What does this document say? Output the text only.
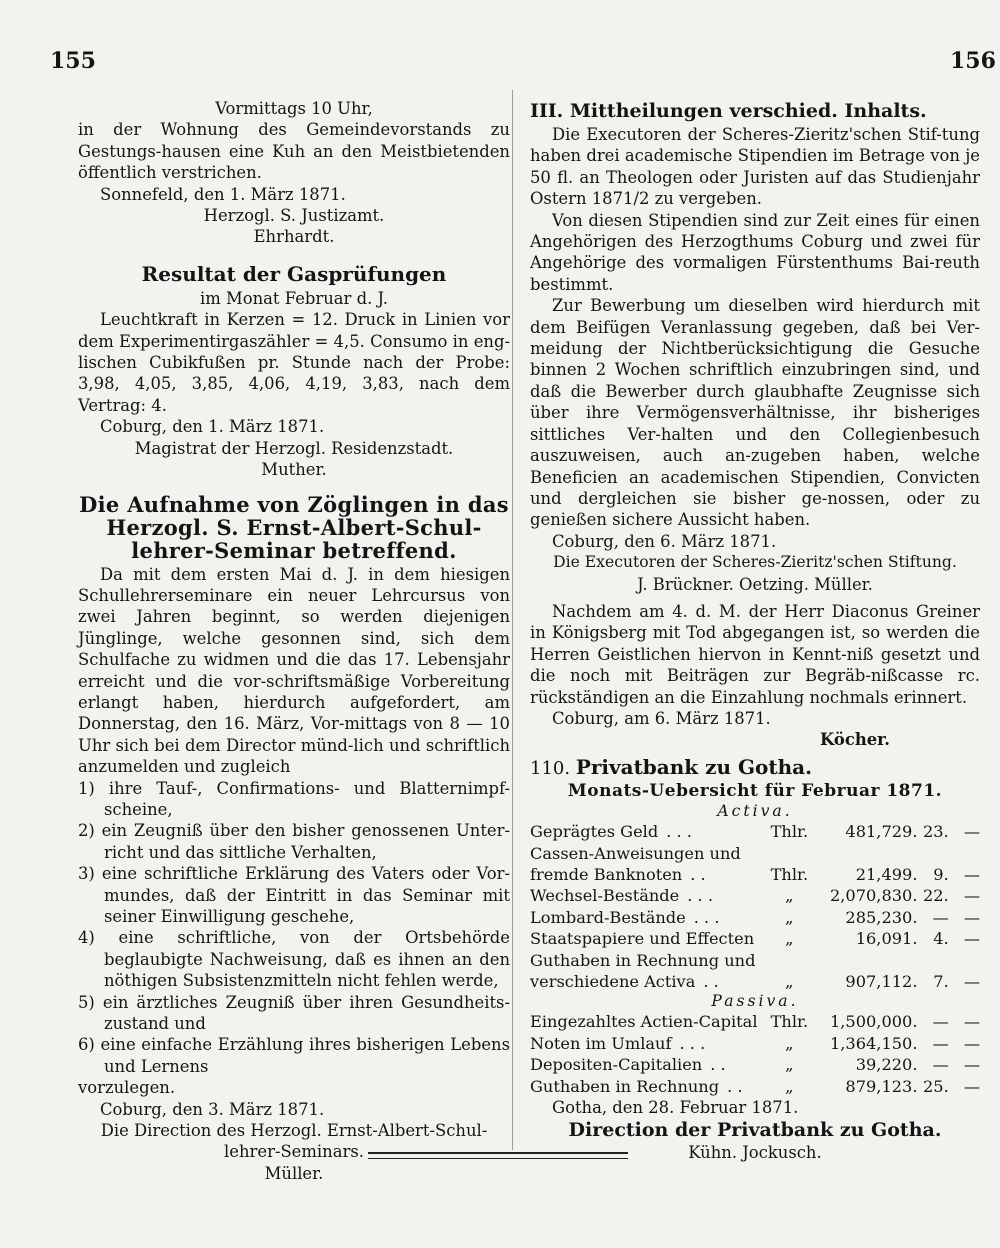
155	156

Vormittags 10 Uhr,

in der Wohnung des Gemeindevorstands zu Gestungs-hausen eine Kuh an den Meistbietenden öffentlich verstrichen.

Sonnefeld, den 1. März 1871.

Herzogl. S. Justizamt.

Ehrhardt.

Resultat der Gasprüfungen

im Monat Februar d. J.

Leuchtkraft in Kerzen = 12. Druck in Linien vor dem Experimentirgaszähler = 4,5. Consumo in eng-lischen Cubikfußen pr. Stunde nach der Probe: 3,98, 4,05, 3,85, 4,06, 4,19, 3,83, nach dem Vertrag: 4.

Coburg, den 1. März 1871.

Magistrat der Herzogl. Residenzstadt.

Muther.

Die Aufnahme von Zöglingen in das Herzogl. S. Ernst-Albert-Schul-lehrer-Seminar betreffend.

Da mit dem ersten Mai d. J. in dem hiesigen Schullehrerseminare ein neuer Lehrcursus von zwei Jahren beginnt, so werden diejenigen Jünglinge, welche gesonnen sind, sich dem Schulfache zu widmen und die das 17. Lebensjahr erreicht und die vor-schriftsmäßige Vorbereitung erlangt haben, hierdurch aufgefordert, am Donnerstag, den 16. März, Vor-mittags von 8 — 10 Uhr sich bei dem Director münd-lich und schriftlich anzumelden und zugleich

1) ihre Tauf-, Confirmations- und Blatternimpf-scheine,

2) ein Zeugniß über den bisher genossenen Unter-richt und das sittliche Verhalten,

3) eine schriftliche Erklärung des Vaters oder Vor-mundes, daß der Eintritt in das Seminar mit seiner Einwilligung geschehe,

4) eine schriftliche, von der Ortsbehörde beglaubigte Nachweisung, daß es ihnen an den nöthigen Subsistenzmitteln nicht fehlen werde,

5) ein ärztliches Zeugniß über ihren Gesundheits-zustand und

6) eine einfache Erzählung ihres bisherigen Lebens und Lernens

vorzulegen.

Coburg, den 3. März 1871.

Die Direction des Herzogl. Ernst-Albert-Schul-lehrer-Seminars.

Müller.

III. Mittheilungen verschied. Inhalts.

Die Executoren der Scheres-Zieritz'schen Stif-tung haben drei academische Stipendien im Betrage von je 50 fl. an Theologen oder Juristen auf das Studienjahr Ostern 1871/2 zu vergeben.

Von diesen Stipendien sind zur Zeit eines für einen Angehörigen des Herzogthums Coburg und zwei für Angehörige des vormaligen Fürstenthums Bai-reuth bestimmt.

Zur Bewerbung um dieselben wird hierdurch mit dem Beifügen Veranlassung gegeben, daß bei Ver-meidung der Nichtberücksichtigung die Gesuche binnen 2 Wochen schriftlich einzubringen sind, und daß die Bewerber durch glaubhafte Zeugnisse sich über ihre Vermögensverhältnisse, ihr bisheriges sittliches Ver-halten und den Collegienbesuch auszuweisen, auch an-zugeben haben, welche Beneficien an academischen Stipendien, Convicten und dergleichen sie bisher ge-nossen, oder zu genießen sichere Aussicht haben.

Coburg, den 6. März 1871.

Die Executoren der Scheres-Zieritz'schen Stiftung.

J. Brückner. Oetzing. Müller.

Nachdem am 4. d. M. der Herr Diaconus Greiner in Königsberg mit Tod abgegangen ist, so werden die Herren Geistlichen hiervon in Kennt-niß gesetzt und die noch mit Beiträgen zur Begräb-nißcasse rc. rückständigen an die Einzahlung nochmals erinnert.

Coburg, am 6. März 1871.

Köcher.

110. Privatbank zu Gotha.

Monats-Uebersicht für Februar 1871.

Activa.
Geprägtes Geld . . .	Thlr.	481,729.	23.	—
Cassen-Anweisungen und				
fremde Banknoten . .	Thlr.	21,499.	9.	—
Wechsel-Bestände . . .	„	2,070,830.	22.	—
Lombard-Bestände . . .	„	285,230.	—	—
Staatspapiere und Effecten	„	16,091.	4.	—
Guthaben in Rechnung und				
verschiedene Activa . .	„	907,112.	7.	—
Passiva.
Eingezahltes Actien-Capital	Thlr.	1,500,000.	—	—
Noten im Umlauf . . .	„	1,364,150.	—	—
Depositen-Capitalien . .	„	39,220.	—	—
Guthaben in Rechnung . .	„	879,123.	25.	—

Gotha, den 28. Februar 1871.

Direction der Privatbank zu Gotha.

Kühn. Jockusch.
